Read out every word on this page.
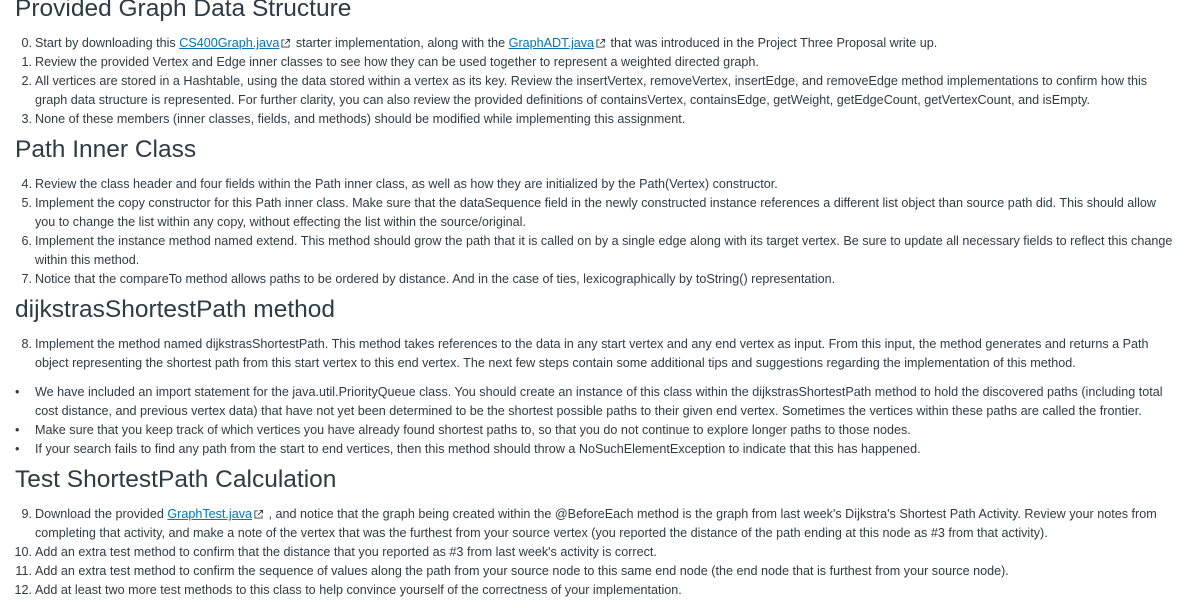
Provided Graph Data Structure
0. Start by downloading this CS400Graph.java starter implementation, along with the GraphADT.java that was introduced in the Project Three Proposal write up.
1. Review the provided Vertex and Edge inner classes to see how they can be used together to represent a weighted directed graph.
2. All vertices are stored in a Hashtable, using the data stored within a vertex as its key. Review the insertVertex, removeVertex, insertEdge, and removeEdge method implementations to confirm how this graph data structure is represented. For further clarity, you can also review the provided definitions of containsVertex, containsEdge, getWeight, getEdgeCount, getVertexCount, and isEmpty.
3. None of these members (inner classes, fields, and methods) should be modified while implementing this assignment.
Path Inner Class
4. Review the class header and four fields within the Path inner class, as well as how they are initialized by the Path(Vertex) constructor.
5. Implement the copy constructor for this Path inner class. Make sure that the dataSequence field in the newly constructed instance references a different list object than source path did. This should allow you to change the list within any copy, without effecting the list within the source/original.
6. Implement the instance method named extend. This method should grow the path that it is called on by a single edge along with its target vertex. Be sure to update all necessary fields to reflect this change within this method.
7. Notice that the compareTo method allows paths to be ordered by distance. And in the case of ties, lexicographically by toString() representation.
dijkstrasShortestPath method
8. Implement the method named dijkstrasShortestPath. This method takes references to the data in any start vertex and any end vertex as input. From this input, the method generates and returns a Path object representing the shortest path from this start vertex to this end vertex. The next few steps contain some additional tips and suggestions regarding the implementation of this method.
•	We have included an import statement for the java.util.PriorityQueue class. You should create an instance of this class within the dijkstrasShortestPath method to hold the discovered paths (including total cost distance, and previous vertex data) that have not yet been determined to be the shortest possible paths to their given end vertex. Sometimes the vertices within these paths are called the frontier.
•	Make sure that you keep track of which vertices you have already found shortest paths to, so that you do not continue to explore longer paths to those nodes.
•	If your search fails to find any path from the start to end vertices, then this method should throw a NoSuchElementException to indicate that this has happened.
Test ShortestPath Calculation
9. Download the provided GraphTest.java , and notice that the graph being created within the @BeforeEach method is the graph from last week's Dijkstra's Shortest Path Activity. Review your notes from completing that activity, and make a note of the vertex that was the furthest from your source vertex (you reported the distance of the path ending at this node as #3 from that activity).
10. Add an extra test method to confirm that the distance that you reported as #3 from last week's activity is correct.
11. Add an extra test method to confirm the sequence of values along the path from your source node to this same end node (the end node that is furthest from your source node).
12. Add at least two more test methods to this class to help convince yourself of the correctness of your implementation.
